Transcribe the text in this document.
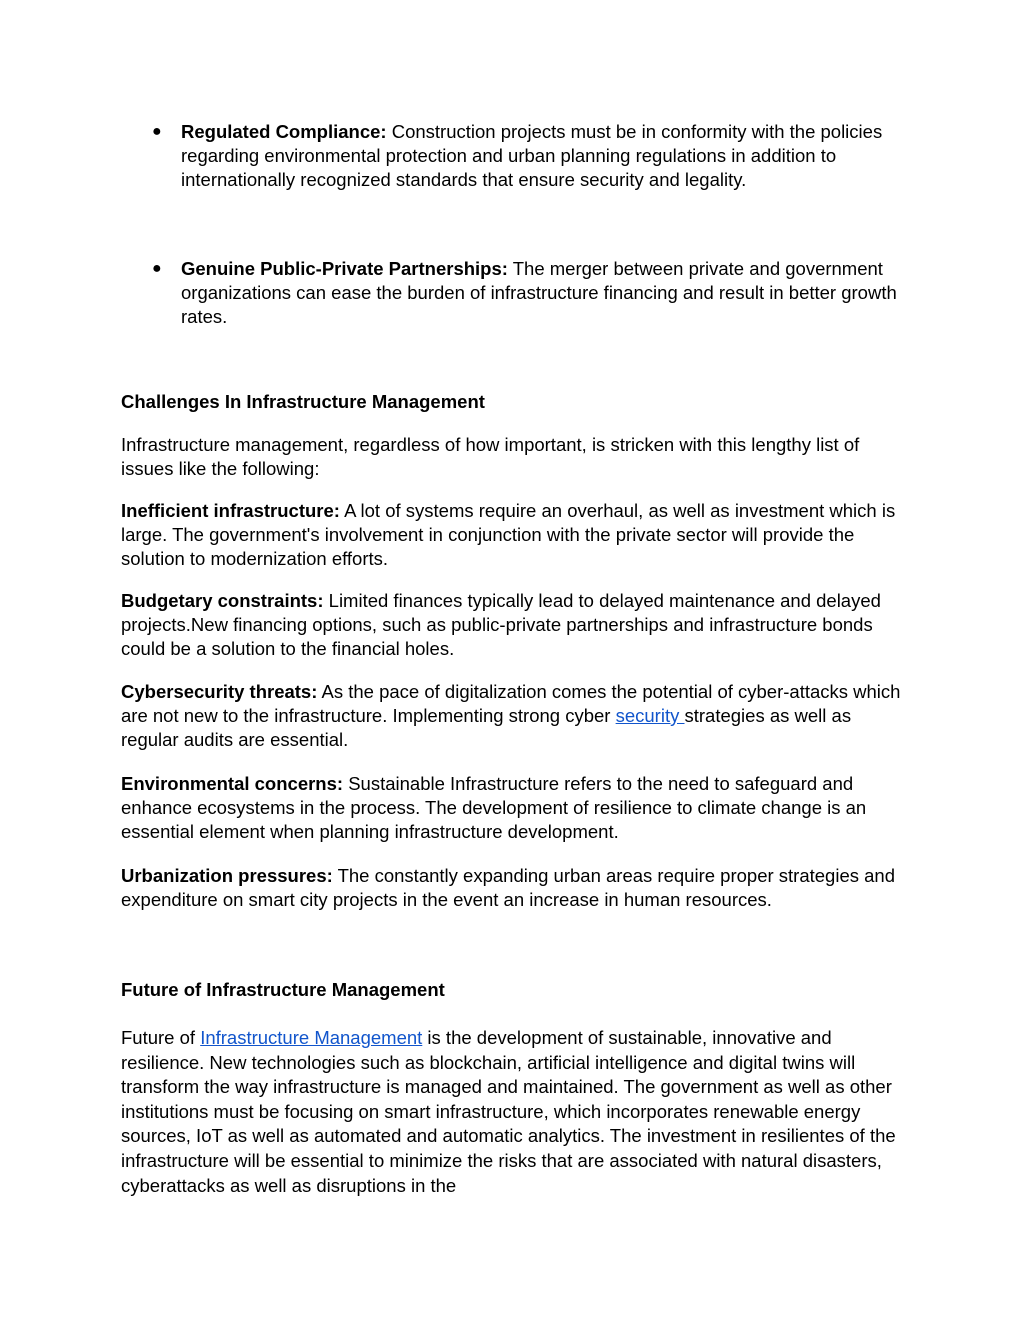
● Regulated Compliance: Construction projects must be in conformity with the policies regarding environmental protection and urban planning regulations in addition to internationally recognized standards that ensure security and legality.
● Genuine Public-Private Partnerships: The merger between private and government organizations can ease the burden of infrastructure financing and result in better growth rates.
Challenges In Infrastructure Management
Infrastructure management, regardless of how important, is stricken with this lengthy list of issues like the following:
Inefficient infrastructure: A lot of systems require an overhaul, as well as investment which is large. The government's involvement in conjunction with the private sector will provide the solution to modernization efforts.
Budgetary constraints: Limited finances typically lead to delayed maintenance and delayed projects.New financing options, such as public-private partnerships and infrastructure bonds could be a solution to the financial holes.
Cybersecurity threats: As the pace of digitalization comes the potential of cyber-attacks which are not new to the infrastructure. Implementing strong cyber security strategies as well as regular audits are essential.
Environmental concerns: Sustainable Infrastructure refers to the need to safeguard and enhance ecosystems in the process. The development of resilience to climate change is an essential element when planning infrastructure development.
Urbanization pressures: The constantly expanding urban areas require proper strategies and expenditure on smart city projects in the event an increase in human resources.
Future of Infrastructure Management
Future of Infrastructure Management is the development of sustainable, innovative and resilience. New technologies such as blockchain, artificial intelligence and digital twins will transform the way infrastructure is managed and maintained. The government as well as other institutions must be focusing on smart infrastructure, which incorporates renewable energy sources, IoT as well as automated and automatic analytics. The investment in resilientes of the infrastructure will be essential to minimize the risks that are associated with natural disasters, cyberattacks as well as disruptions in the
